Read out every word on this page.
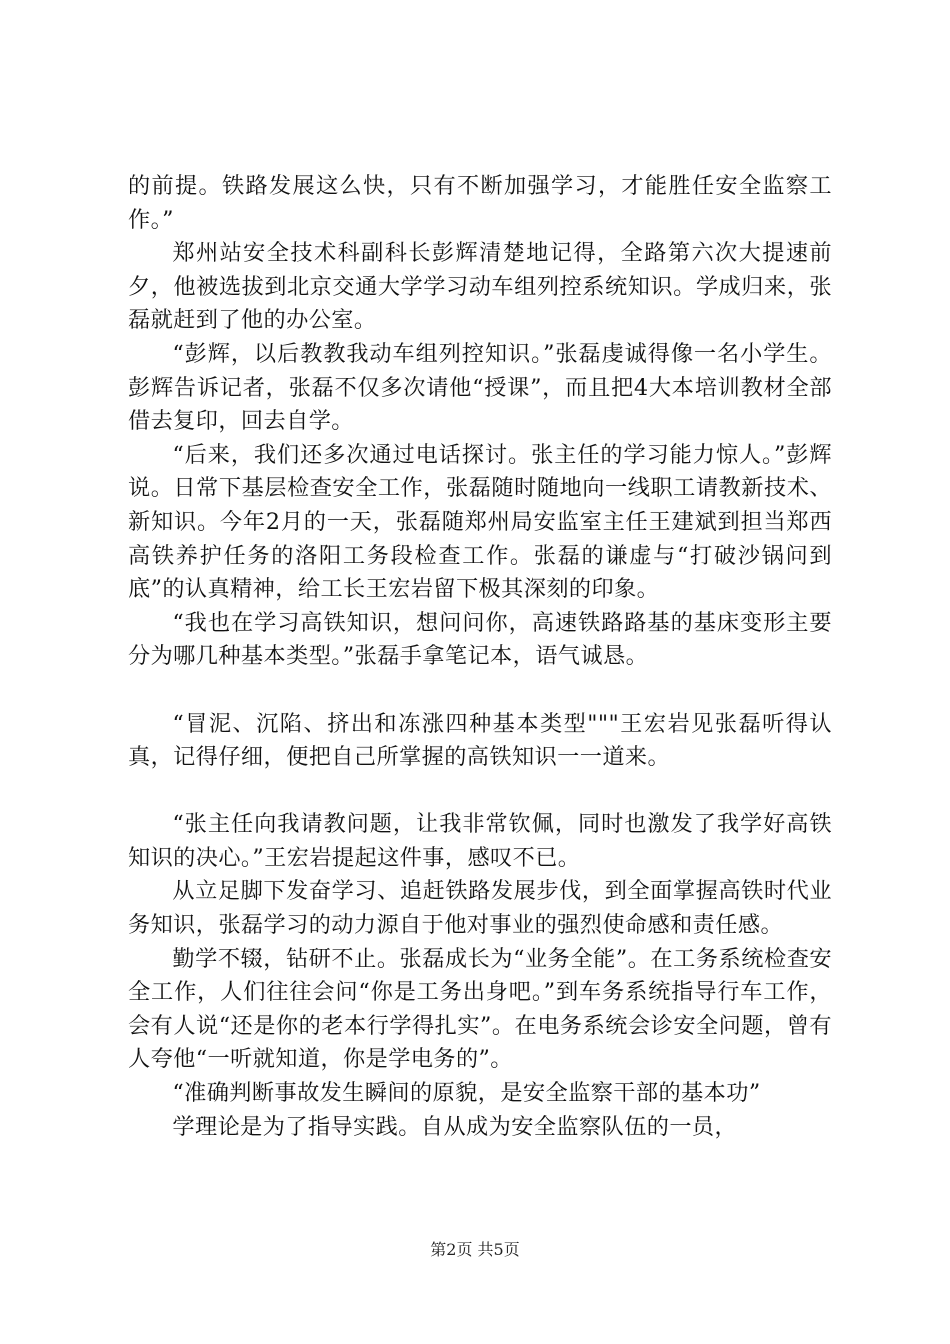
的前提。铁路发展这么快，只有不断加强学习，才能胜任安全监察工作。”

郑州站安全技术科副科长彭辉清楚地记得，全路第六次大提速前夕，他被选拔到北京交通大学学习动车组列控系统知识。学成归来，张磊就赶到了他的办公室。

“彭辉，以后教教我动车组列控知识。”张磊虔诚得像一名小学生。彭辉告诉记者，张磊不仅多次请他“授课”，而且把4大本培训教材全部借去复印，回去自学。

“后来，我们还多次通过电话探讨。张主任的学习能力惊人。”彭辉说。日常下基层检查安全工作，张磊随时随地向一线职工请教新技术、新知识。今年2月的一天，张磊随郑州局安监室主任王建斌到担当郑西高铁养护任务的洛阳工务段检查工作。张磊的谦虚与“打破沙锅问到底”的认真精神，给工长王宏岩留下极其深刻的印象。

“我也在学习高铁知识，想问问你，高速铁路路基的基床变形主要分为哪几种基本类型。”张磊手拿笔记本，语气诚恳。

“冒泥、沉陷、挤出和冻涨四种基本类型"""王宏岩见张磊听得认真，记得仔细，便把自己所掌握的高铁知识一一道来。

“张主任向我请教问题，让我非常钦佩，同时也激发了我学好高铁知识的决心。”王宏岩提起这件事，感叹不已。

从立足脚下发奋学习、追赶铁路发展步伐，到全面掌握高铁时代业务知识，张磊学习的动力源自于他对事业的强烈使命感和责任感。

勤学不辍，钻研不止。张磊成长为“业务全能”。在工务系统检查安全工作，人们往往会问“你是工务出身吧。”到车务系统指导行车工作，会有人说“还是你的老本行学得扎实”。在电务系统会诊安全问题，曾有人夸他“一听就知道，你是学电务的”。

“准确判断事故发生瞬间的原貌，是安全监察干部的基本功”

学理论是为了指导实践。自从成为安全监察队伍的一员，

第2页 共5页
